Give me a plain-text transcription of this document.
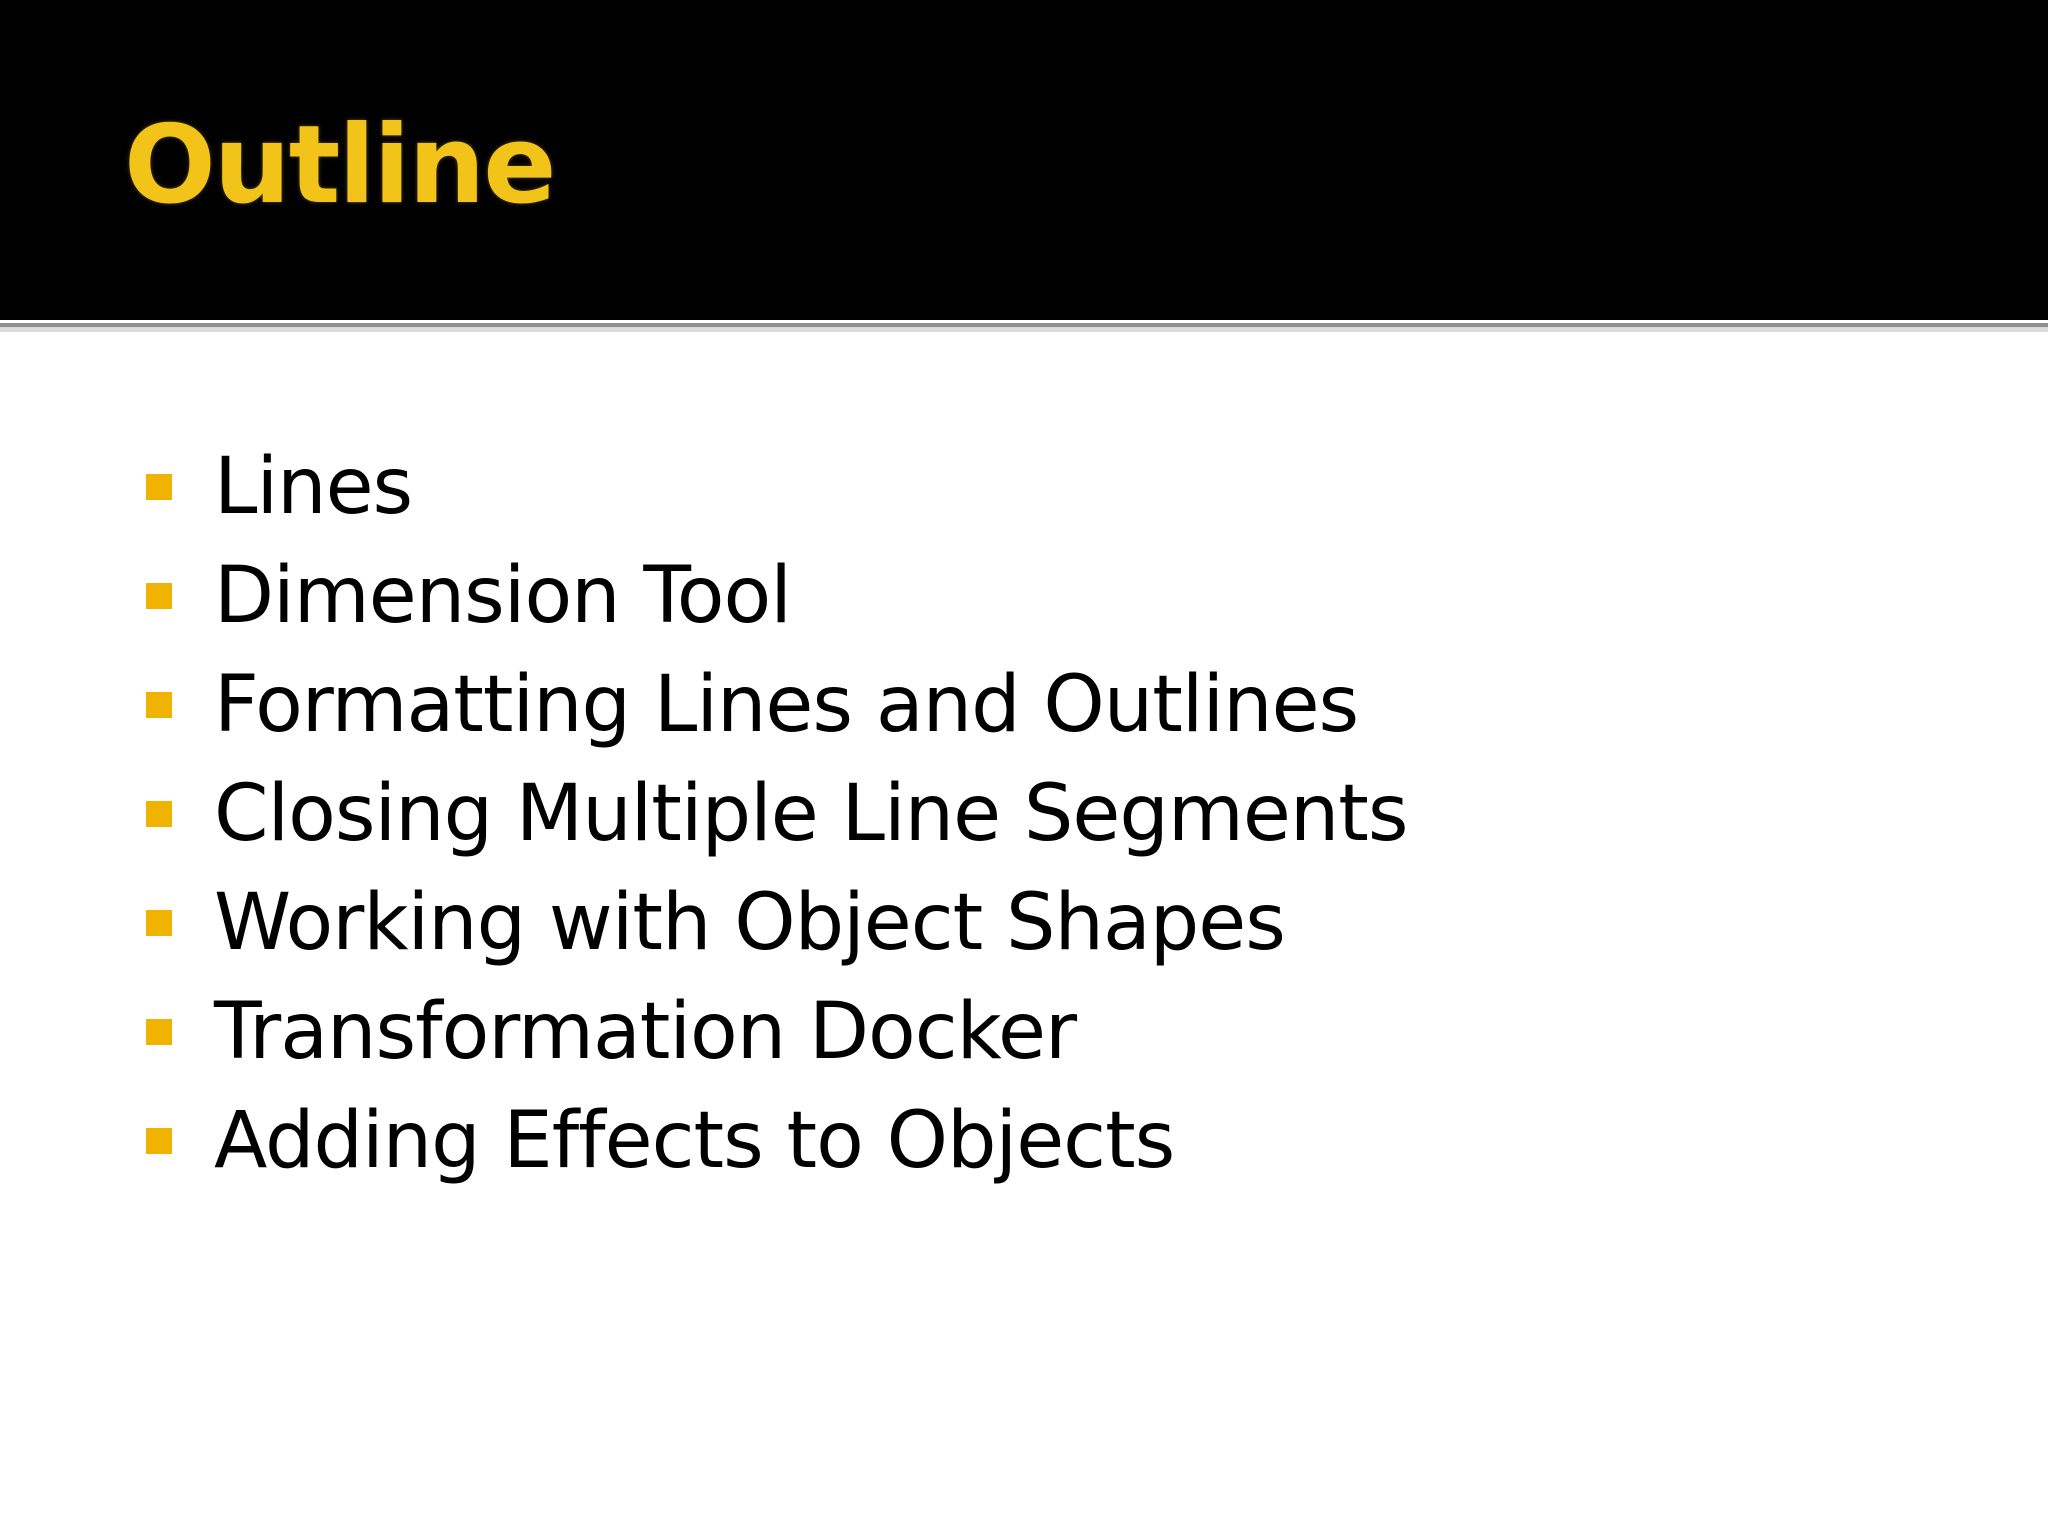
Outline
Lines
Dimension Tool
Formatting Lines and Outlines
Closing Multiple Line Segments
Working with Object Shapes
Transformation Docker
Adding Effects to Objects
